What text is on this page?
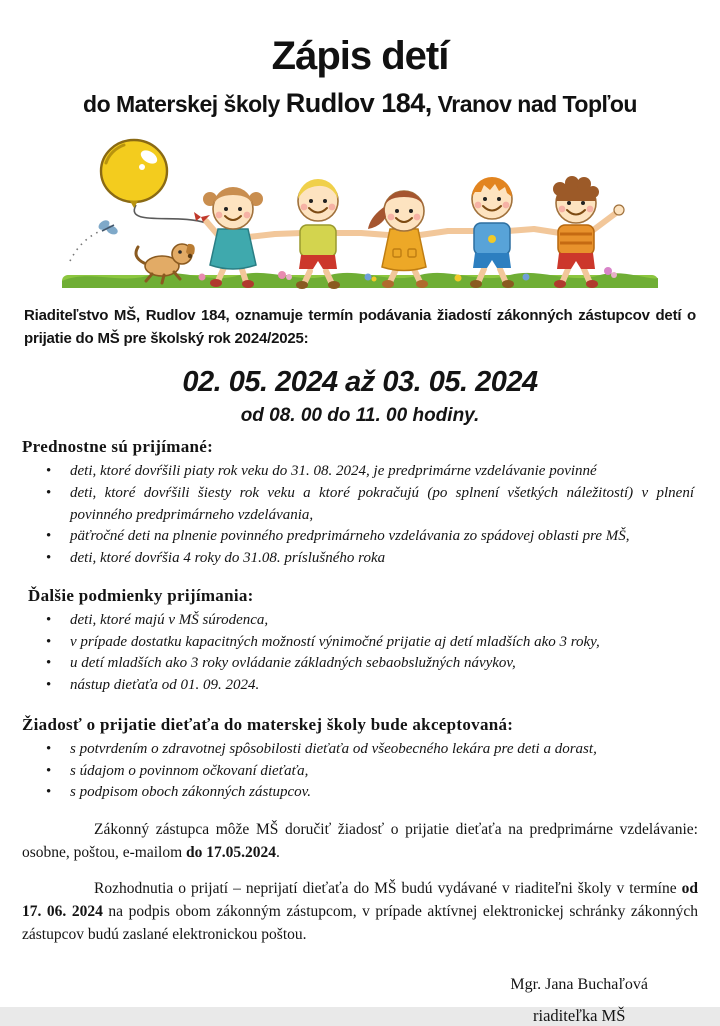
Zápis detí
do Materskej školy Rudlov 184, Vranov nad Topľou

Riaditeľstvo MŠ, Rudlov 184, oznamuje termín podávania žiadostí zákonných zástupcov detí o prijatie do MŠ pre školský rok 2024/2025:

02. 05. 2024 až 03. 05. 2024
od 08. 00 do 11. 00 hodiny.
Prednostne sú prijímané:
• deti, ktoré dovŕšili piaty rok veku do 31. 08. 2024, je predprimárne vzdelávanie povinné
• deti, ktoré dovŕšili šiesty rok veku a ktoré pokračujú (po splnení všetkých náležitostí) v plnení povinného predprimárneho vzdelávania,
• päťročné deti na plnenie povinného predprimárneho vzdelávania zo spádovej oblasti pre MŠ,
• deti, ktoré dovŕšia 4 roky do 31.08. príslušného roka
Ďalšie podmienky prijímania:
• deti, ktoré majú v MŠ súrodenca,
• v prípade dostatku kapacitných možností výnimočné prijatie aj detí mladších ako 3 roky,
• u detí mladších ako 3 roky ovládanie základných sebaobslužných návykov,
• nástup dieťaťa od 01. 09. 2024.
Žiadosť o prijatie dieťaťa do materskej školy bude akceptovaná:
• s potvrdením o zdravotnej spôsobilosti dieťaťa od všeobecného lekára pre deti a dorast,
• s údajom o povinnom očkovaní dieťaťa,
• s podpisom oboch zákonných zástupcov.

Zákonný zástupca môže MŠ doručiť žiadosť o prijatie dieťaťa na predprimárne vzdelávanie: osobne, poštou, e-mailom do 17.05.2024.

Rozhodnutia o prijatí – neprijatí dieťaťa do MŠ budú vydávané v riaditeľni školy v termíne od 17. 06. 2024 na podpis obom zákonným zástupcom, v prípade aktívnej elektronickej schránky zákonných zástupcov budú zaslané elektronickou poštou.

Mgr. Jana Buchaľová
riaditeľka MŠ
